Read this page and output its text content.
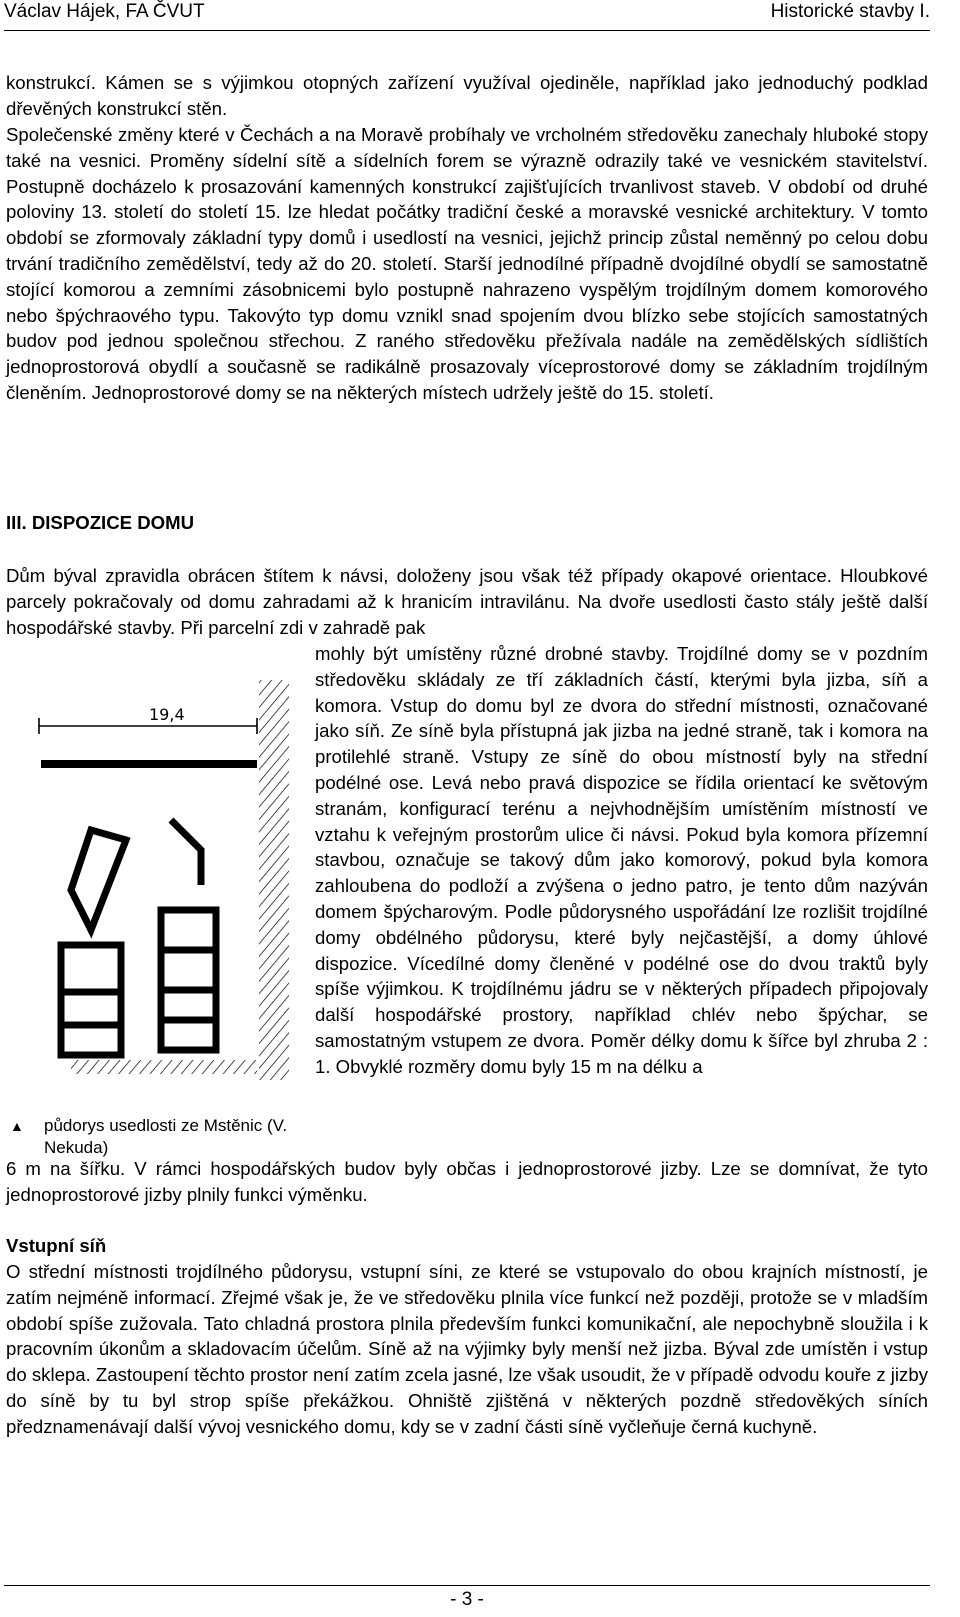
Václav Hájek, FA ČVUT	Historické stavby I.

konstrukcí. Kámen se s výjimkou otopných zařízení využíval ojediněle, například jako jednoduchý podklad dřevěných konstrukcí stěn.

Společenské změny které v Čechách a na Moravě probíhaly ve vrcholném středověku zanechaly hluboké stopy také na vesnici. Proměny sídelní sítě a sídelních forem se výrazně odrazily také ve vesnickém stavitelství. Postupně docházelo k prosazování kamenných konstrukcí zajišťujících trvanlivost staveb. V období od druhé poloviny 13. století do století 15. lze hledat počátky tradiční české a moravské vesnické architektury. V tomto období se zformovaly základní typy domů i usedlostí na vesnici, jejichž princip zůstal neměnný po celou dobu trvání tradičního zemědělství, tedy až do 20. století. Starší jednodílné případně dvojdílné obydlí se samostatně stojící komorou a zemními zásobnicemi bylo postupně nahrazeno vyspělým trojdílným domem komorového nebo špýchraového typu. Takovýto typ domu vznikl snad spojením dvou blízko sebe stojících samostatných budov pod jednou společnou střechou. Z raného středověku přežívala nadále na zemědělských sídlištích jednoprostorová obydlí a současně se radikálně prosazovaly víceprostorové domy se základním trojdílným členěním. Jednoprostorové domy se na některých místech udržely ještě do 15. století.

III. DISPOZICE DOMU

Dům býval zpravidla obrácen štítem k návsi, doloženy jsou však též případy okapové orientace. Hloubkové parcely pokračovaly od domu zahradami až k hranicím intravilánu. Na dvoře usedlosti často stály ještě další hospodářské stavby. Při parcelní zdi v zahradě pak

mohly být umístěny různé drobné stavby. Trojdílné domy se v pozdním středověku skládaly ze tří základních částí, kterými byla jizba, síň a komora. Vstup do domu byl ze dvora do střední místnosti, označované jako síň. Ze síně byla přístupná jak jizba na jedné straně, tak i komora na protilehlé straně. Vstupy ze síně do obou místností byly na střední podélné ose. Levá nebo pravá dispozice se řídila orientací ke světovým stranám, konfigurací terénu a nejvhodnějším umístěním místností ve vztahu k veřejným prostorům ulice či návsi. Pokud byla komora přízemní stavbou, označuje se takový dům jako komorový, pokud byla komora zahloubena do podloží a zvýšena o jedno patro, je tento dům nazýván domem špýcharovým. Podle půdorysného uspořádání lze rozlišit trojdílné domy obdélného půdorysu, které byly nejčastější, a domy úhlové dispozice. Vícedílné domy členěné v podélné ose do dvou traktů byly spíše výjimkou. K trojdílnému jádru se v některých případech připojovaly další hospodářské prostory, například chlév nebo špýchar, se samostatným vstupem ze dvora. Poměr délky domu k šířce byl zhruba 2 : 1. Obvyklé rozměry domu byly 15 m na délku a

6 m na šířku. V rámci hospodářských budov byly občas i jednoprostorové jizby. Lze se domnívat, že tyto jednoprostorové jizby plnily funkci výměnku.

19,4
▲ půdorys usedlosti ze Mstěnic (V. Nekuda)

Vstupní síň

O střední místnosti trojdílného půdorysu, vstupní síni, ze které se vstupovalo do obou krajních místností, je zatím nejméně informací. Zřejmé však je, že ve středověku plnila více funkcí než později, protože se v mladším období spíše zužovala. Tato chladná prostora plnila především funkci komunikační, ale nepochybně sloužila i k pracovním úkonům a skladovacím účelům. Síně až na výjimky byly menší než jizba. Býval zde umístěn i vstup do sklepa. Zastoupení těchto prostor není zatím zcela jasné, lze však usoudit, že v případě odvodu kouře z jizby do síně by tu byl strop spíše překážkou. Ohniště zjištěná v některých pozdně středověkých síních předznamenávají další vývoj vesnického domu, kdy se v zadní části síně vyčleňuje černá kuchyně.

- 3 -
